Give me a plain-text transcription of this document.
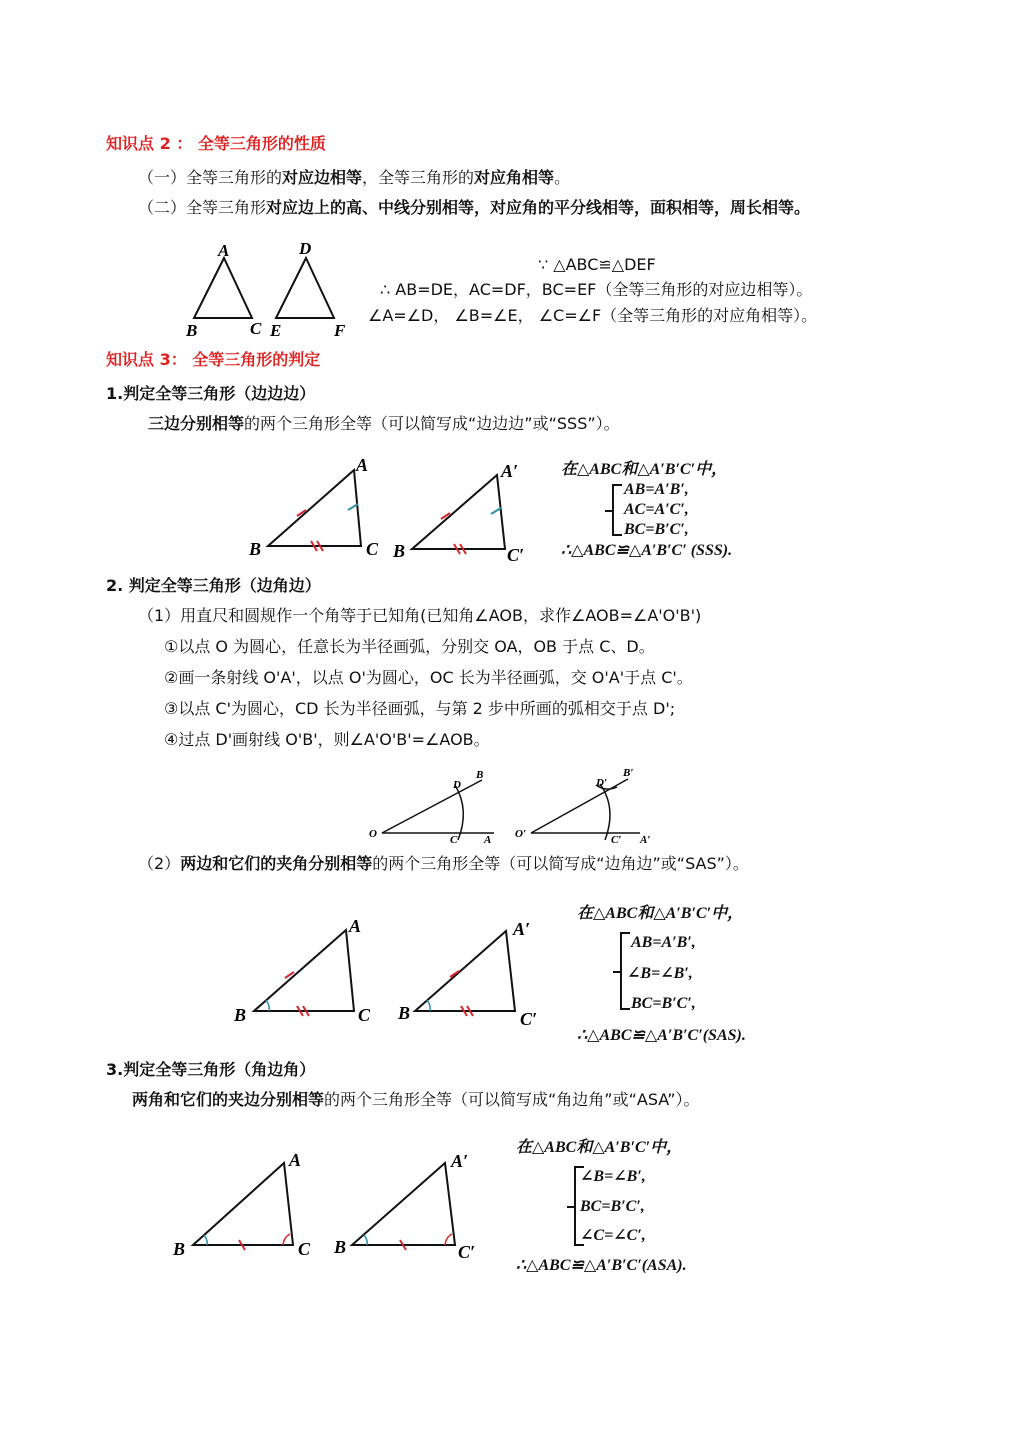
知识点 2 ： 全等三角形的性质
（一）全等三角形的对应边相等，全等三角形的对应角相等。
（二）全等三角形对应边上的高、中线分别相等，对应角的平分线相等，面积相等，周长相等。
A
B	C
D
E	F
∵ △ABC≌△DEF
∴ AB=DE，AC=DF，BC=EF（全等三角形的对应边相等）。
∠A=∠D， ∠B=∠E， ∠C=∠F（全等三角形的对应角相等）。
知识点 3： 全等三角形的判定
1.判定全等三角形（边边边）
三边分别相等的两个三角形全等（可以简写成“边边边”或“SSS”）。
A
B	C
A′
B	C′
在△ABC和△A′B′C′中，
AB=A′B′,
AC=A′C′,
BC=B′C′,
∴△ABC≌△A′B′C′ (SSS).
2. 判定全等三角形（边角边）
（1）用直尺和圆规作一个角等于已知角(已知角∠AOB，求作∠AOB=∠A'O'B')
①以点 O 为圆心，任意长为半径画弧，分别交 OA，OB 于点 C、D。
②画一条射线 O'A'，以点 O'为圆心，OC 长为半径画弧，交 O'A'于点 C'。
③以点 C'为圆心，CD 长为半径画弧，与第 2 步中所画的弧相交于点 D';
④过点 D'画射线 O'B'，则∠A'O'B'=∠AOB。
O	A
B
C
D
O′	A′
B′
C′
D′
（2）两边和它们的夹角分别相等的两个三角形全等（可以简写成“边角边”或“SAS”）。
A
B	C
A′
B	C′
在△ABC和△A′B′C′中，
AB=A′B′,
∠B=∠B′,
BC=B′C′,
∴△ABC≌△A′B′C′(SAS).
3.判定全等三角形（角边角）
两角和它们的夹边分别相等的两个三角形全等（可以简写成“角边角”或“ASA”）。
A
B	C
A′
B	C′
在△ABC和△A′B′C′中，
∠B=∠B′,
BC=B′C′,
∠C=∠C′,
∴△ABC≌△A′B′C′(ASA).
